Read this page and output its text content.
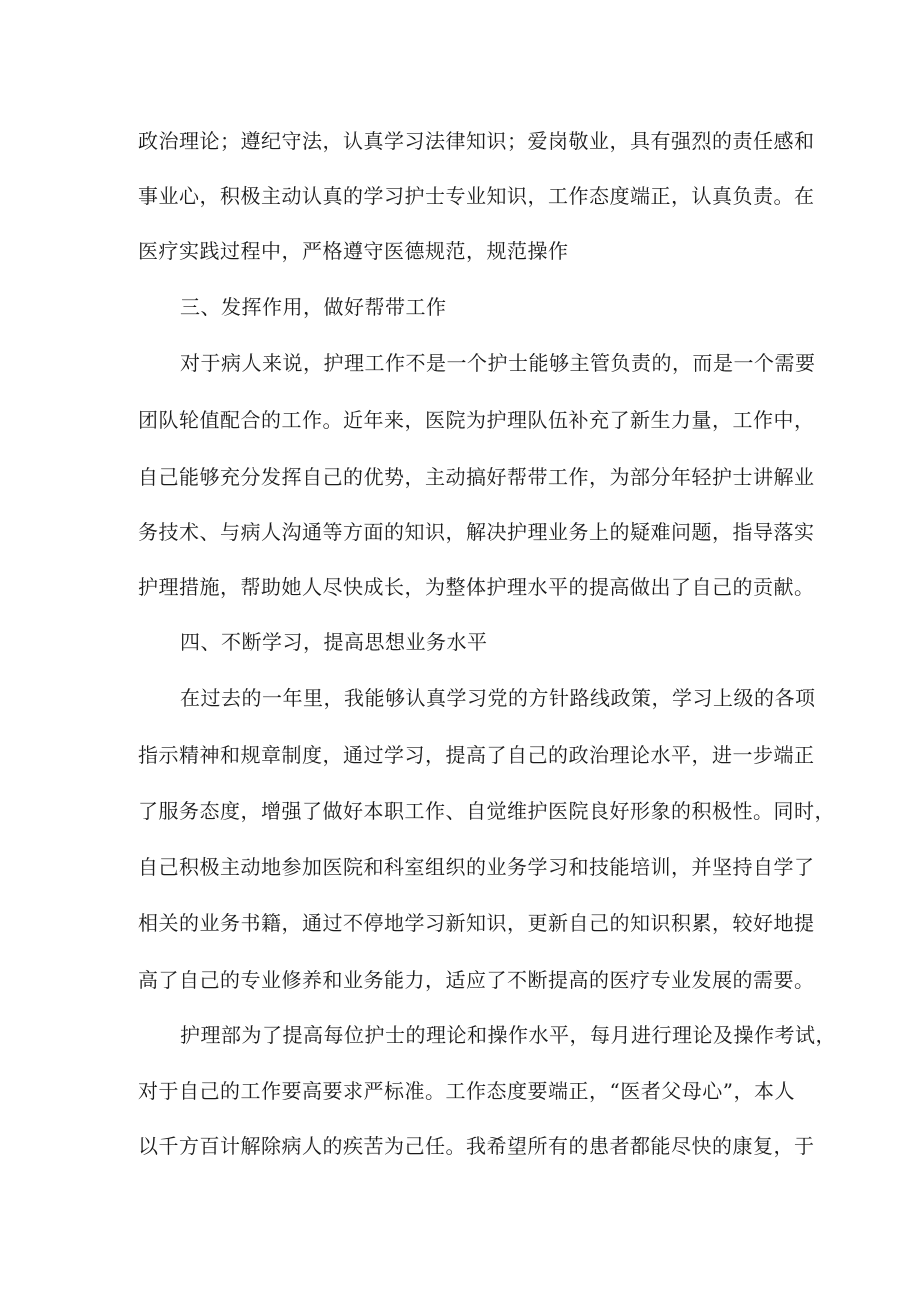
政治理论；遵纪守法，认真学习法律知识；爱岗敬业，具有强烈的责任感和
事业心，积极主动认真的学习护士专业知识，工作态度端正，认真负责。在
医疗实践过程中，严格遵守医德规范，规范操作
三、发挥作用，做好帮带工作
对于病人来说，护理工作不是一个护士能够主管负责的，而是一个需要
团队轮值配合的工作。近年来，医院为护理队伍补充了新生力量，工作中，
自己能够充分发挥自己的优势，主动搞好帮带工作，为部分年轻护士讲解业
务技术、与病人沟通等方面的知识，解决护理业务上的疑难问题，指导落实
护理措施，帮助她人尽快成长，为整体护理水平的提高做出了自己的贡献。
四、不断学习，提高思想业务水平
在过去的一年里，我能够认真学习党的方针路线政策，学习上级的各项
指示精神和规章制度，通过学习，提高了自己的政治理论水平，进一步端正
了服务态度，增强了做好本职工作、自觉维护医院良好形象的积极性。同时，
自己积极主动地参加医院和科室组织的业务学习和技能培训，并坚持自学了
相关的业务书籍，通过不停地学习新知识，更新自己的知识积累，较好地提
高了自己的专业修养和业务能力，适应了不断提高的医疗专业发展的需要。
护理部为了提高每位护士的理论和操作水平，每月进行理论及操作考试，
对于自己的工作要高要求严标准。工作态度要端正，“医者父母心”，本人
以千方百计解除病人的疾苦为己任。我希望所有的患者都能尽快的康复，于
